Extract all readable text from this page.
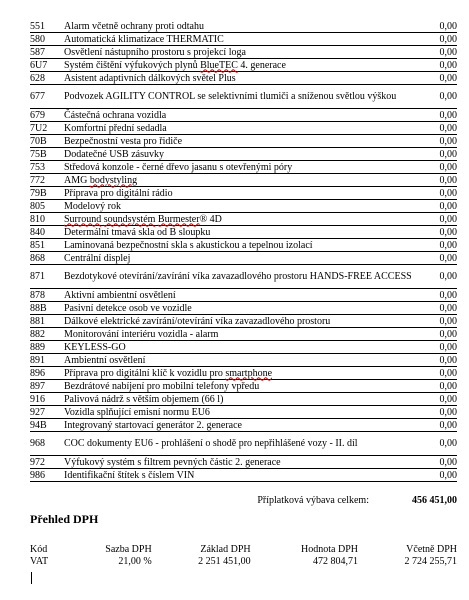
551	Alarm včetně ochrany proti odtahu	0,00
580	Automatická klimatizace THERMATIC	0,00
587	Osvětlení nástupního prostoru s projekcí loga	0,00
6U7	Systém čištění výfukových plynů BlueTEC 4. generace	0,00
628	Asistent adaptivních dálkových světel Plus	0,00
677	Podvozek AGILITY CONTROL se selektivními tlumiči a sníženou světlou výškou	0,00
679	Částečná ochrana vozidla	0,00
7U2	Komfortní přední sedadla	0,00
70B	Bezpečnostní vesta pro řidiče	0,00
75B	Dodatečné USB zásuvky	0,00
753	Středová konzole - černé dřevo jasanu s otevřenými póry	0,00
772	AMG bodystyling	0,00
79B	Příprava pro digitální rádio	0,00
805	Modelový rok	0,00
810	Surround soundsystém Burmester® 4D	0,00
840	Determální tmavá skla od B sloupku	0,00
851	Laminovaná bezpečnostní skla s akustickou a tepelnou izolací	0,00
868	Centrální displej	0,00
871	Bezdotykové otevírání/zavírání víka zavazadlového prostoru HANDS-FREE ACCESS	0,00
878	Aktivní ambientní osvětlení	0,00
88B	Pasivní detekce osob ve vozidle	0,00
881	Dálkové elektrické zavírání/otevírání víka zavazadlového prostoru	0,00
882	Monitorování interiéru vozidla - alarm	0,00
889	KEYLESS-GO	0,00
891	Ambientní osvětlení	0,00
896	Příprava pro digitální klíč k vozidlu pro smartphone	0,00
897	Bezdrátové nabíjení pro mobilní telefony vpředu	0,00
916	Palivová nádrž s větším objemem (66 l)	0,00
927	Vozidla splňující emisní normu EU6	0,00
94B	Integrovaný startovací generátor 2. generace	0,00
968	COC dokumenty EU6 - prohlášení o shodě pro nepřihlášené vozy - II. díl	0,00
972	Výfukový systém s filtrem pevných částic 2. generace	0,00
986	Identifikační štítek s číslem VIN	0,00
Příplatková výbava celkem:	456 451,00
Přehled DPH
Kód	Sazba DPH	Základ DPH	Hodnota DPH	Včetně DPH
VAT	21,00 %	2 251 451,00	472 804,71	2 724 255,71
